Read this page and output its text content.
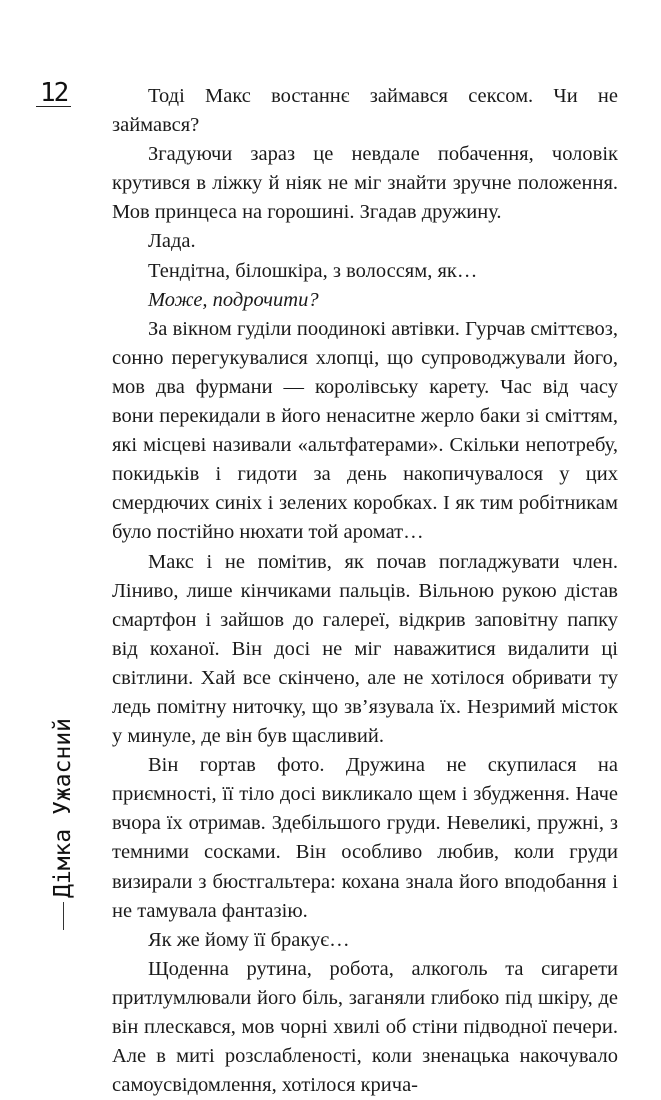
12	Тоді Макс востаннє займався сексом. Чи не займався?

Згадуючи зараз це невдале побачення, чоловік крутився в ліжку й ніяк не міг знайти зручне положення. Мов принцеса на горошині. Згадав дружину.

Лада.

Тендітна, білошкіра, з волоссям, як…

Може, подрочити?

За вікном гуділи поодинокі автівки. Гурчав сміттєвоз, сонно перегукувалися хлопці, що супроводжували його, мов два фурмани — королівську карету. Час від часу вони перекидали в його ненаситне жерло баки зі сміттям, які місцеві називали «альтфатерами». Скільки непотребу, покидьків і гидоти за день накопичувалося у цих смердючих синіх і зелених коробках. І як тим робітникам було постійно нюхати той аромат…

Макс і не помітив, як почав погладжувати член. Ліниво, лише кінчиками пальців. Вільною рукою дістав смартфон і зайшов до галереї, відкрив заповітну папку від коханої. Він досі не міг наважитися видалити ці світлини. Хай все скінчено, але не хотілося обривати ту ледь помітну ниточку, що зв’язувала їх. Незримий місток у минуле, де він був щасливий.

Він гортав фото. Дружина не скупилася на приємності, її тіло досі викликало щем і збудження. Наче вчора їх отримав. Здебільшого груди. Невеликі, пружні, з темними сосками. Він особливо любив, коли груди визирали з бюстгальтера: кохана знала його вподобання і не тамувала фантазію.

Як же йому її бракує…

Щоденна рутина, робота, алкоголь та сигарети притлумлювали його біль, заганяли глибоко під шкіру, де він плескався, мов чорні хвилі об стіни підводної печери. Але в миті розслабленості, коли зненацька накочувало самоусвідомлення, хотілося крича-

Дімка Ужасний
